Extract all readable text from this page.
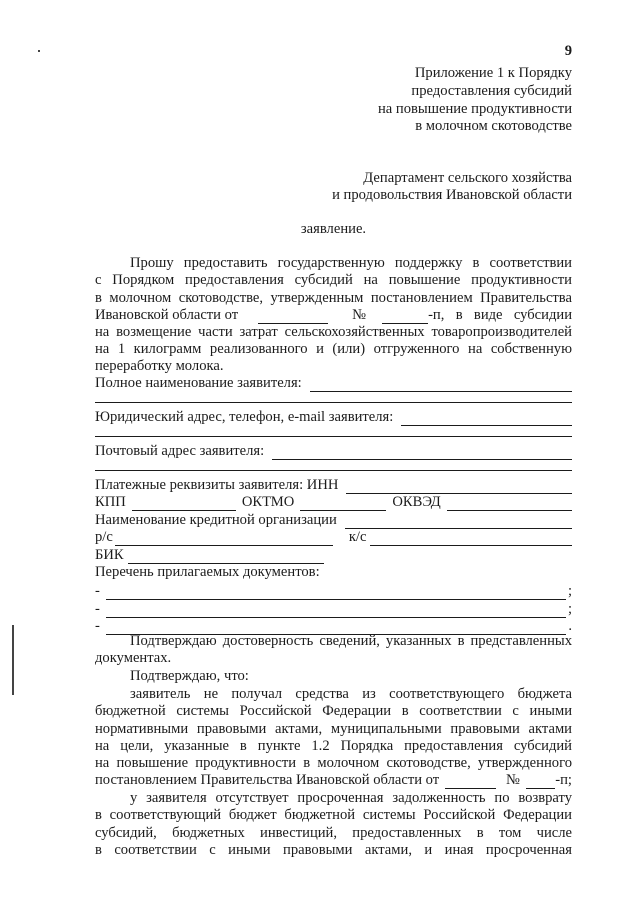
9
Приложение 1 к Порядку
предоставления субсидий
на повышение продуктивности
в молочном скотоводстве
Департамент сельского хозяйства
и продовольствия Ивановской области
заявление.
Прошу предоставить государственную поддержку в соответствии
с Порядком предоставления субсидий на повышение продуктивности
в молочном скотоводстве, утвержденным постановлением Правительства
Ивановской области от	№	-п, в виде субсидии
на возмещение части затрат сельскохозяйственных товаропроизводителей
на 1 килограмм реализованного и (или) отгруженного на собственную
переработку молока.
Полное наименование заявителя:
Юридический адрес, телефон, e-mail заявителя:
Почтовый адрес заявителя:
Платежные реквизиты заявителя: ИНН
КПП	ОКТМО	ОКВЭД
Наименование кредитной организации
р/с	к/с
БИК
Перечень прилагаемых документов:
-	;
-	;
-	.
Подтверждаю достоверность сведений, указанных в представленных
документах.
Подтверждаю, что:
заявитель не получал средства из соответствующего бюджета
бюджетной системы Российской Федерации в соответствии с иными
нормативными правовыми актами, муниципальными правовыми актами
на цели, указанные в пункте 1.2 Порядка предоставления субсидий
на повышение продуктивности в молочном скотоводстве, утвержденного
постановлением Правительства Ивановской области от	№ -п;
у заявителя отсутствует просроченная задолженность по возврату
в соответствующий бюджет бюджетной системы Российской Федерации
субсидий, бюджетных инвестиций, предоставленных в том числе
в соответствии с иными правовыми актами, и иная просроченная
